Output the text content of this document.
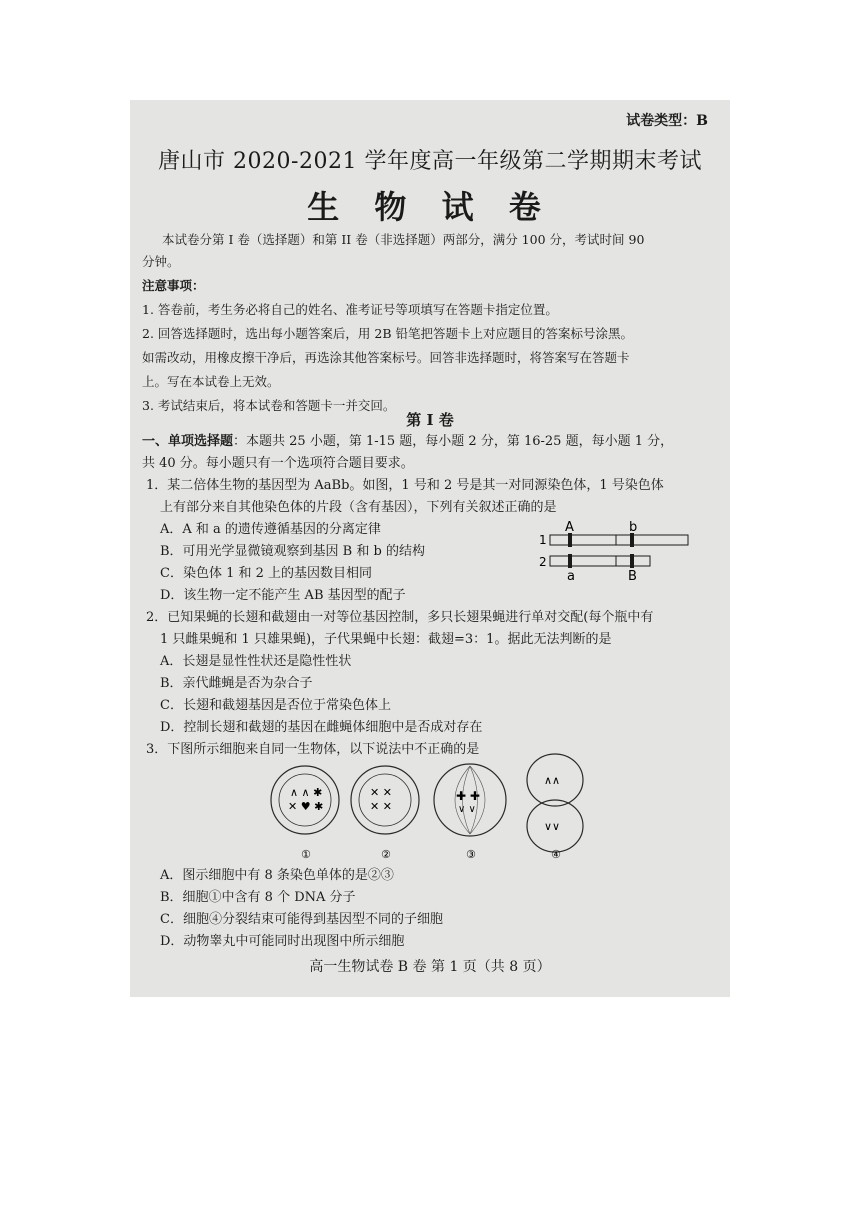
试卷类型：B
唐山市 2020-2021 学年度高一年级第二学期期末考试
生 物 试 卷
本试卷分第 I 卷（选择题）和第 II 卷（非选择题）两部分，满分 100 分，考试时间 90
分钟。
注意事项：
1. 答卷前，考生务必将自己的姓名、准考证号等项填写在答题卡指定位置。
2. 回答选择题时，选出每小题答案后，用 2B 铅笔把答题卡上对应题目的答案标号涂黑。
如需改动，用橡皮擦干净后，再选涂其他答案标号。回答非选择题时，将答案写在答题卡
上。写在本试卷上无效。
3. 考试结束后，将本试卷和答题卡一并交回。
第 I 卷
一、单项选择题：本题共 25 小题，第 1-15 题，每小题 2 分，第 16-25 题，每小题 1 分，
共 40 分。每小题只有一个选项符合题目要求。
1．某二倍体生物的基因型为 AaBb。如图，1 号和 2 号是其一对同源染色体，1 号染色体
上有部分来自其他染色体的片段（含有基因），下列有关叙述正确的是
A．A 和 a 的遗传遵循基因的分离定律
B．可用光学显微镜观察到基因 B 和 b 的结构
C．染色体 1 和 2 上的基因数目相同
D．该生物一定不能产生 AB 基因型的配子
1
2
A	b
a	B
2．已知果蝇的长翅和截翅由一对等位基因控制，多只长翅果蝇进行单对交配(每个瓶中有
1 只雌果蝇和 1 只雄果蝇)，子代果蝇中长翅：截翅=3：1。据此无法判断的是
A．长翅是显性性状还是隐性性状
B．亲代雌蝇是否为杂合子
C．长翅和截翅基因是否位于常染色体上
D．控制长翅和截翅的基因在雌蝇体细胞中是否成对存在
3．下图所示细胞来自同一生物体，以下说法中不正确的是
∧ ∧ ✱
✕ ♥ ✱
✕ ✕
✕ ✕
✚ ✚
∨ ∨
∧∧
∨∨
①	②	③	④
A．图示细胞中有 8 条染色单体的是②③
B．细胞①中含有 8 个 DNA 分子
C．细胞④分裂结束可能得到基因型不同的子细胞
D．动物睾丸中可能同时出现图中所示细胞
高一生物试卷 B 卷 第 1 页（共 8 页）
